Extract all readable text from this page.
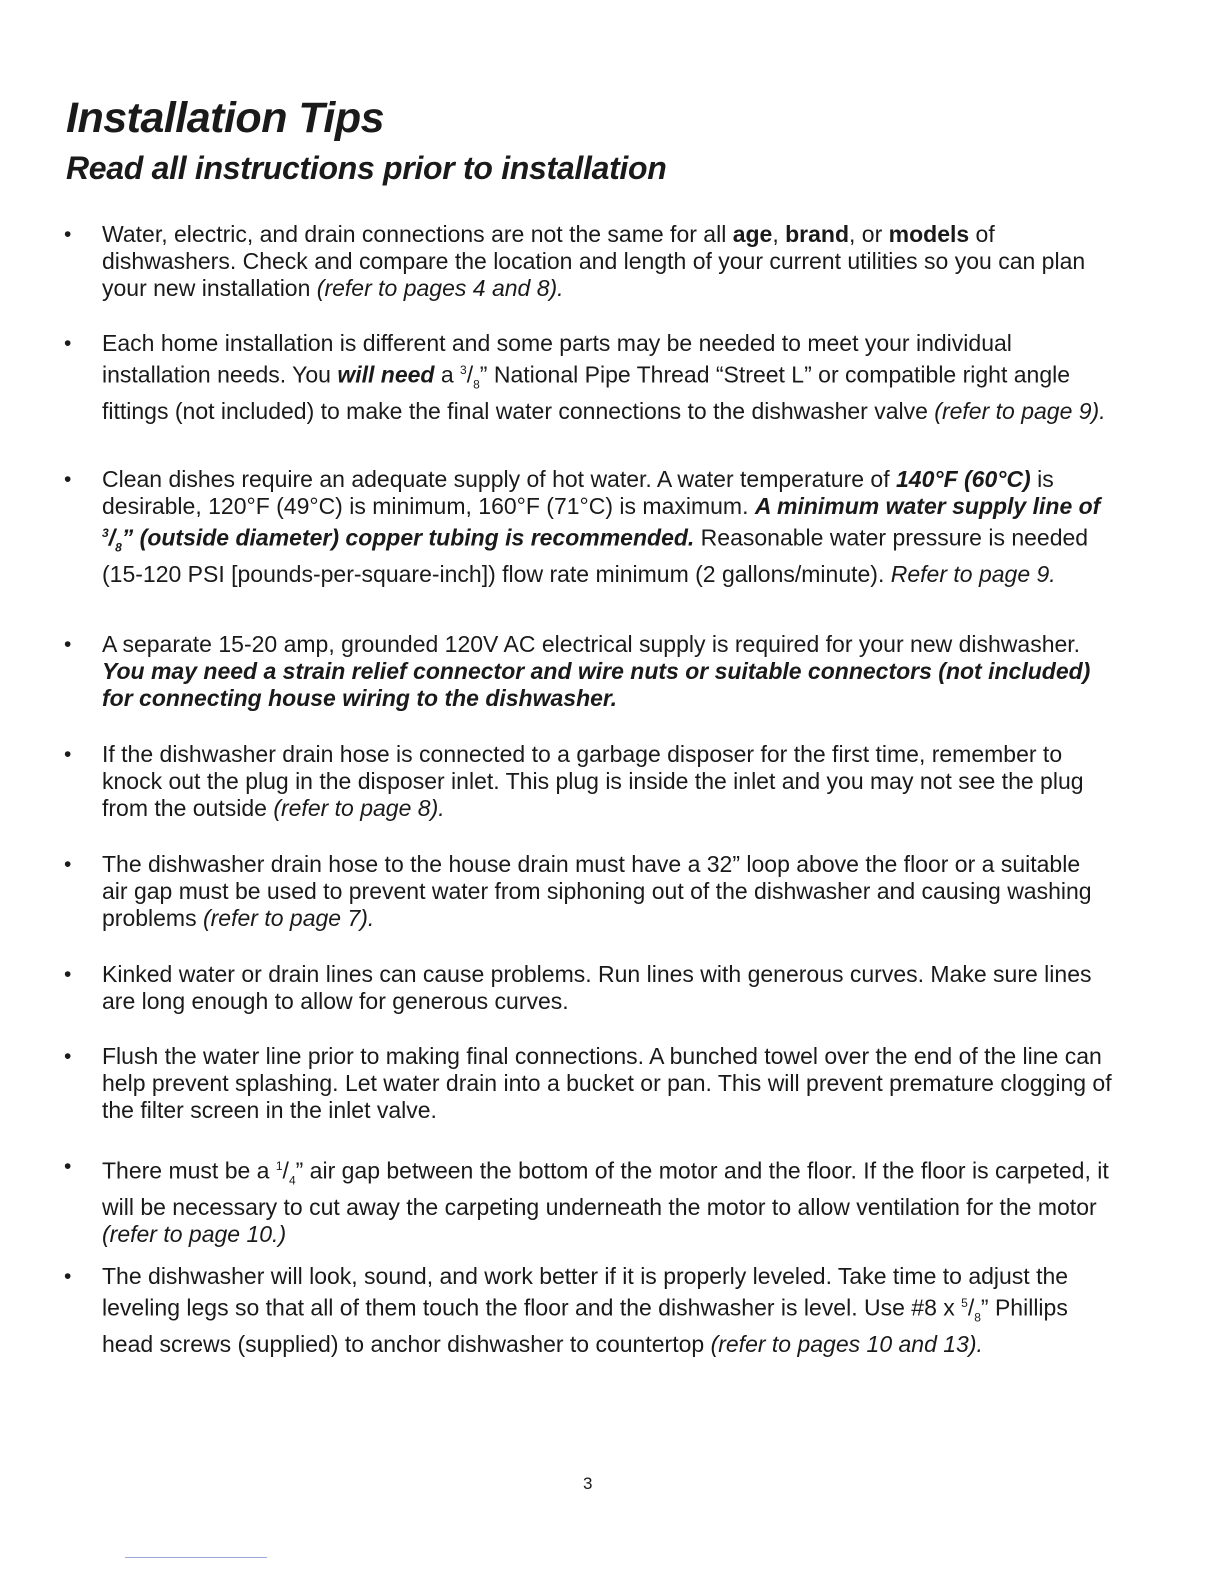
Installation Tips
Read all instructions prior to installation

• Water, electric, and drain connections are not the same for all age, brand, or models of dishwashers. Check and compare the location and length of your current utilities so you can plan your new installation (refer to pages 4 and 8).

• Each home installation is different and some parts may be needed to meet your individual installation needs. You will need a $^3/_8$” National Pipe Thread “Street L” or compatible right angle fittings (not included) to make the final water connections to the dishwasher valve (refer to page 9).

• Clean dishes require an adequate supply of hot water. A water temperature of 140°F (60°C) is desirable, 120°F (49°C) is minimum, 160°F (71°C) is maximum. A minimum water supply line of $^3/_8$” (outside diameter) copper tubing is recommended. Reasonable water pressure is needed (15-120 PSI [pounds-per-square-inch]) flow rate minimum (2 gallons/minute). Refer to page 9.

• A separate 15-20 amp, grounded 120V AC electrical supply is required for your new dishwasher. You may need a strain relief connector and wire nuts or suitable connectors (not included) for connecting house wiring to the dishwasher.

• If the dishwasher drain hose is connected to a garbage disposer for the first time, remember to knock out the plug in the disposer inlet. This plug is inside the inlet and you may not see the plug from the outside (refer to page 8).

• The dishwasher drain hose to the house drain must have a 32” loop above the floor or a suitable air gap must be used to prevent water from siphoning out of the dishwasher and causing washing problems (refer to page 7).

• Kinked water or drain lines can cause problems. Run lines with generous curves. Make sure lines are long enough to allow for generous curves.

• Flush the water line prior to making final connections. A bunched towel over the end of the line can help prevent splashing. Let water drain into a bucket or pan. This will prevent premature clogging of the filter screen in the inlet valve.

• There must be a $^1/_4$” air gap between the bottom of the motor and the floor. If the floor is carpeted, it will be necessary to cut away the carpeting underneath the motor to allow ventilation for the motor (refer to page 10.)

• The dishwasher will look, sound, and work better if it is properly leveled. Take time to adjust the leveling legs so that all of them touch the floor and the dishwasher is level. Use #8 x $^5/_8$” Phillips head screws (supplied) to anchor dishwasher to countertop (refer to pages 10 and 13).

3
